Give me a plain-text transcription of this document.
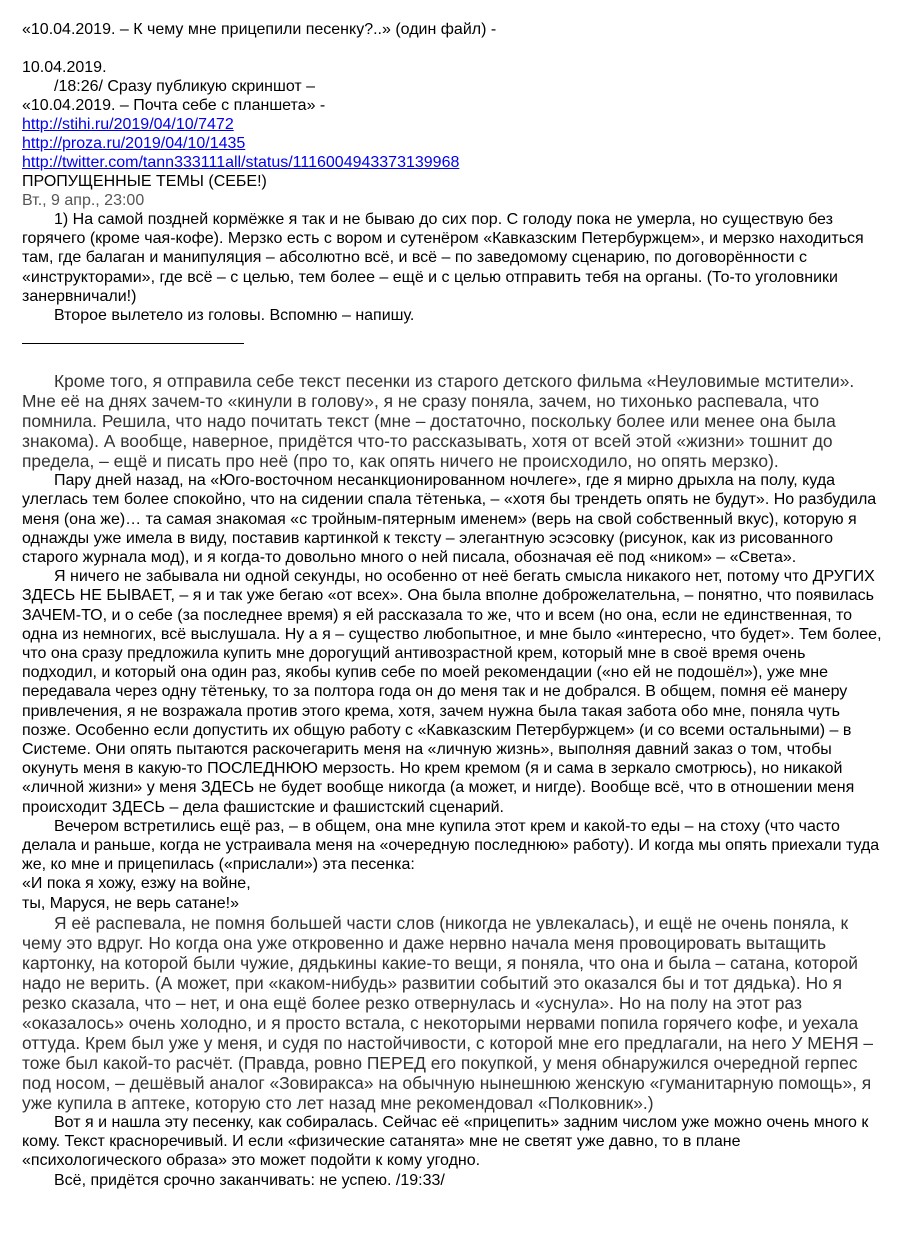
«10.04.2019. – К чему мне прицепили песенку?..» (один файл) -
10.04.2019.
/18:26/ Сразу публикую скриншот –
«10.04.2019. – Почта себе с планшета» -
http://stihi.ru/2019/04/10/7472
http://proza.ru/2019/04/10/1435
http://twitter.com/tann333111all/status/1116004943373139968
ПРОПУЩЕННЫЕ ТЕМЫ (СЕБЕ!)
Вт., 9 апр., 23:00

1) На самой поздней кормёжке я так и не бываю до сих пор. С голоду пока не умерла, но существую без горячего (кроме чая-кофе). Мерзко есть с вором и сутенёром «Кавказским Петербуржцем», и мерзко находиться там, где балаган и манипуляция – абсолютно всё, и всё – по заведомому сценарию, по договорённости с «инструкторами», где всё – с целью, тем более – ещё и с целью отправить тебя на органы. (То-то уголовники занервничали!)

Второе вылетело из головы. Вспомню – напишу.

Кроме того, я отправила себе текст песенки из старого детского фильма «Неуловимые мстители». Мне её на днях зачем-то «кинули в голову», я не сразу поняла, зачем, но тихонько распевала, что помнила. Решила, что надо почитать текст (мне – достаточно, поскольку более или менее она была знакома). А вообще, наверное, придётся что-то рассказывать, хотя от всей этой «жизни» тошнит до предела, – ещё и писать про неё (про то, как опять ничего не происходило, но опять мерзко).

Пару дней назад, на «Юго-восточном несанкционированном ночлеге», где я мирно дрыхла на полу, куда улеглась тем более спокойно, что на сидении спала тётенька, – «хотя бы трендеть опять не будут». Но разбудила меня (она же)… та самая знакомая «с тройным-пятерным именем» (верь на свой собственный вкус), которую я однажды уже имела в виду, поставив картинкой к тексту – элегантную эсэсовку (рисунок, как из рисованного старого журнала мод), и я когда-то довольно много о ней писала, обозначая её под «ником» – «Света».

Я ничего не забывала ни одной секунды, но особенно от неё бегать смысла никакого нет, потому что ДРУГИХ ЗДЕСЬ НЕ БЫВАЕТ, – я и так уже бегаю «от всех». Она была вполне доброжелательна, – понятно, что появилась ЗАЧЕМ-ТО, и о себе (за последнее время) я ей рассказала то же, что и всем (но она, если не единственная, то одна из немногих, всё выслушала. Ну а я – существо любопытное, и мне было «интересно, что будет». Тем более, что она сразу предложила купить мне дорогущий антивозрастной крем, который мне в своё время очень подходил, и который она один раз, якобы купив себе по моей рекомендации («но ей не подошёл»), уже мне передавала через одну тётеньку, то за полтора года он до меня так и не добрался. В общем, помня её манеру привлечения, я не возражала против этого крема, хотя, зачем нужна была такая забота обо мне, поняла чуть позже. Особенно если допустить их общую работу с «Кавказским Петербуржцем» (и со всеми остальными) – в Системе. Они опять пытаются раскочегарить меня на «личную жизнь», выполняя давний заказ о том, чтобы окунуть меня в какую-то ПОСЛЕДНЮЮ мерзость. Но крем кремом (я и сама в зеркало смотрюсь), но никакой «личной жизни» у меня ЗДЕСЬ не будет вообще никогда (а может, и нигде). Вообще всё, что в отношении меня происходит ЗДЕСЬ – дела фашистские и фашистский сценарий.

Вечером встретились ещё раз, – в общем, она мне купила этот крем и какой-то еды – на стоху (что часто делала и раньше, когда не устраивала меня на «очередную последнюю» работу). И когда мы опять приехали туда же, ко мне и прицепилась («прислали») эта песенка:

«И пока я хожу, езжу на войне,

ты, Маруся, не верь сатане!»

Я её распевала, не помня большей части слов (никогда не увлекалась), и ещё не очень поняла, к чему это вдруг. Но когда она уже откровенно и даже нервно начала меня провоцировать вытащить картонку, на которой были чужие, дядькины какие-то вещи, я поняла, что она и была – сатана, которой надо не верить. (А может, при «каком-нибудь» развитии событий это оказался бы и тот дядька). Но я резко сказала, что – нет, и она ещё более резко отвернулась и «уснула». Но на полу на этот раз «оказалось» очень холодно, и я просто встала, с некоторыми нервами попила горячего кофе, и уехала оттуда. Крем был уже у меня, и судя по настойчивости, с которой мне его предлагали, на него У МЕНЯ – тоже был какой-то расчёт. (Правда, ровно ПЕРЕД его покупкой, у меня обнаружился очередной герпес под носом, – дешёвый аналог «Зовиракса» на обычную нынешнюю женскую «гуманитарную помощь», я уже купила в аптеке, которую сто лет назад мне рекомендовал «Полковник».)

Вот я и нашла эту песенку, как собиралась. Сейчас её «прицепить» задним числом уже можно очень много к кому. Текст красноречивый. И если «физические сатанята» мне не светят уже давно, то в плане «психологического образа» это может подойти к кому угодно.

Всё, придётся срочно заканчивать: не успею. /19:33/
